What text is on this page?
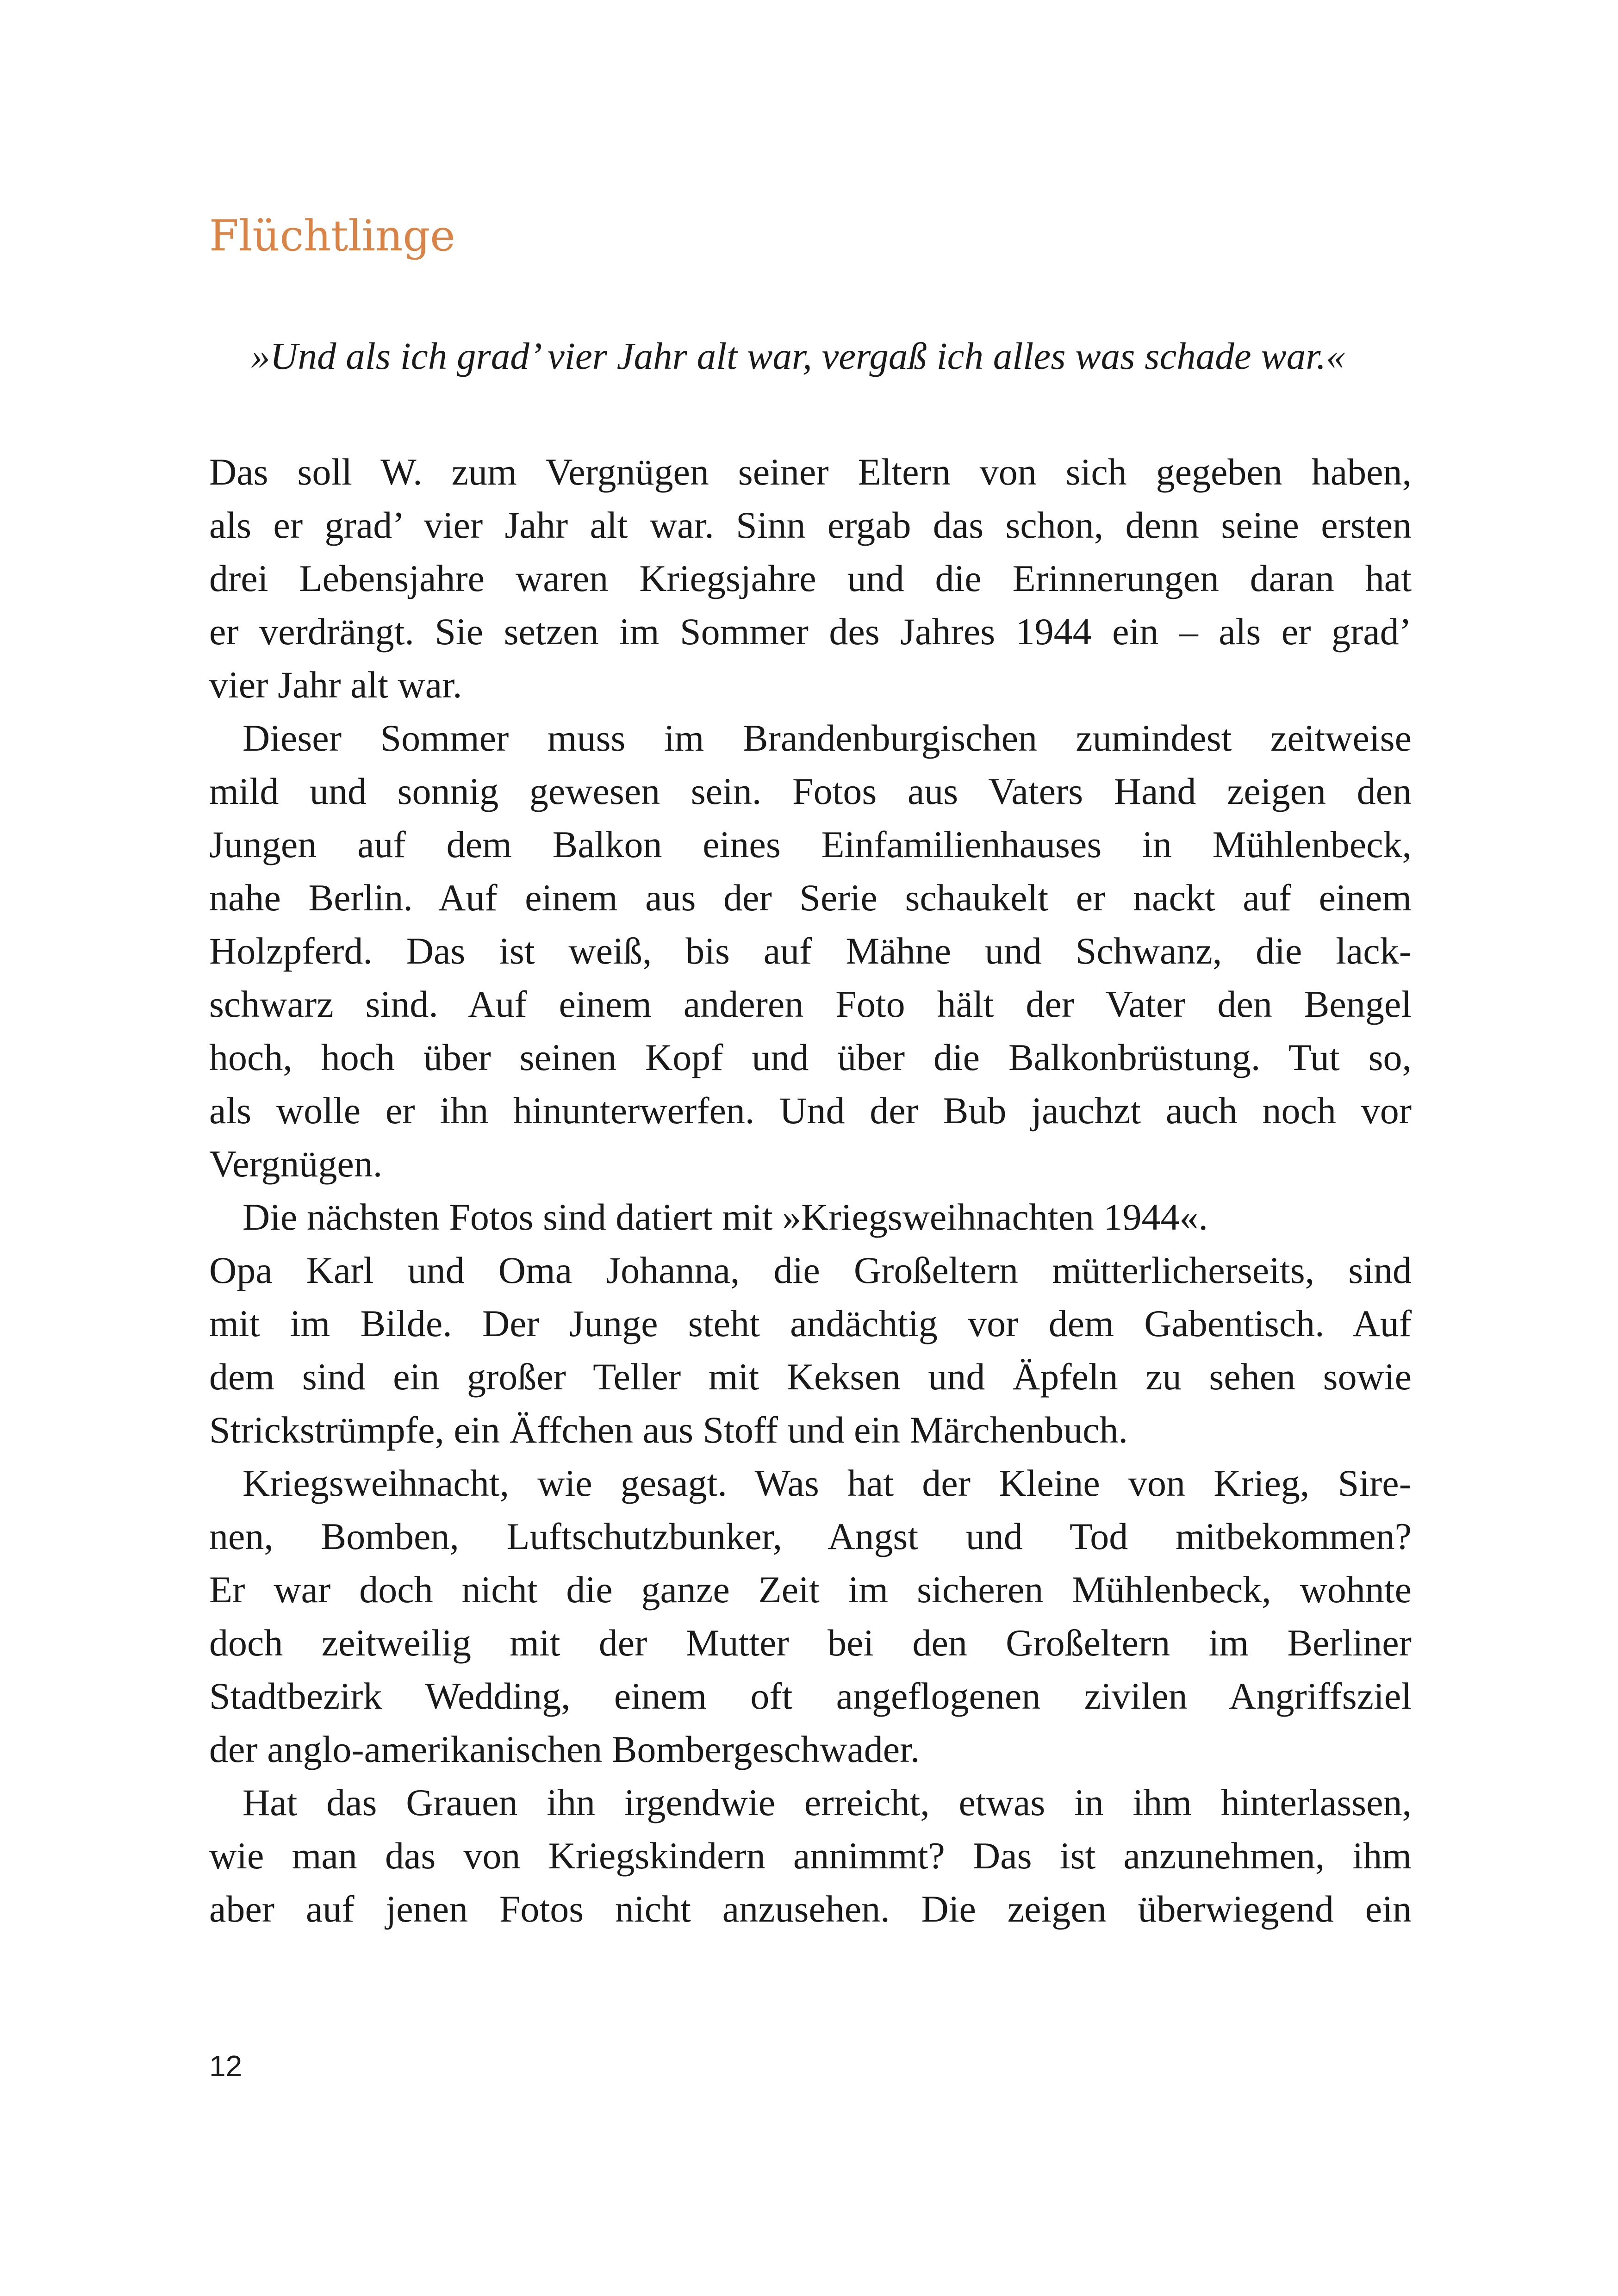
Flüchtlinge

»Und als ich grad’ vier Jahr alt war, vergaß ich alles was schade war.«

Das soll W. zum Vergnügen seiner Eltern von sich gegeben haben,
als er grad’ vier Jahr alt war. Sinn ergab das schon, denn seine ersten
drei Lebensjahre waren Kriegsjahre und die Erinnerungen daran hat
er verdrängt. Sie setzen im Sommer des Jahres 1944 ein – als er grad’
vier Jahr alt war.
Dieser Sommer muss im Brandenburgischen zumindest zeitweise
mild und sonnig gewesen sein. Fotos aus Vaters Hand zeigen den
Jungen auf dem Balkon eines Einfamilienhauses in Mühlenbeck,
nahe Berlin. Auf einem aus der Serie schaukelt er nackt auf einem
Holzpferd. Das ist weiß, bis auf Mähne und Schwanz, die lack-
schwarz sind. Auf einem anderen Foto hält der Vater den Bengel
hoch, hoch über seinen Kopf und über die Balkonbrüstung. Tut so,
als wolle er ihn hinunterwerfen. Und der Bub jauchzt auch noch vor
Vergnügen.
Die nächsten Fotos sind datiert mit »Kriegsweihnachten 1944«.
Opa Karl und Oma Johanna, die Großeltern mütterlicherseits, sind
mit im Bilde. Der Junge steht andächtig vor dem Gabentisch. Auf
dem sind ein großer Teller mit Keksen und Äpfeln zu sehen sowie
Strickstrümpfe, ein Äffchen aus Stoff und ein Märchenbuch.
Kriegsweihnacht, wie gesagt. Was hat der Kleine von Krieg, Sire-
nen, Bomben, Luftschutzbunker, Angst und Tod mitbekommen?
Er war doch nicht die ganze Zeit im sicheren Mühlenbeck, wohnte
doch zeitweilig mit der Mutter bei den Großeltern im Berliner
Stadtbezirk Wedding, einem oft angeflogenen zivilen Angriffsziel
der anglo-amerikanischen Bombergeschwader.
Hat das Grauen ihn irgendwie erreicht, etwas in ihm hinterlassen,
wie man das von Kriegskindern annimmt? Das ist anzunehmen, ihm
aber auf jenen Fotos nicht anzusehen. Die zeigen überwiegend ein
12
